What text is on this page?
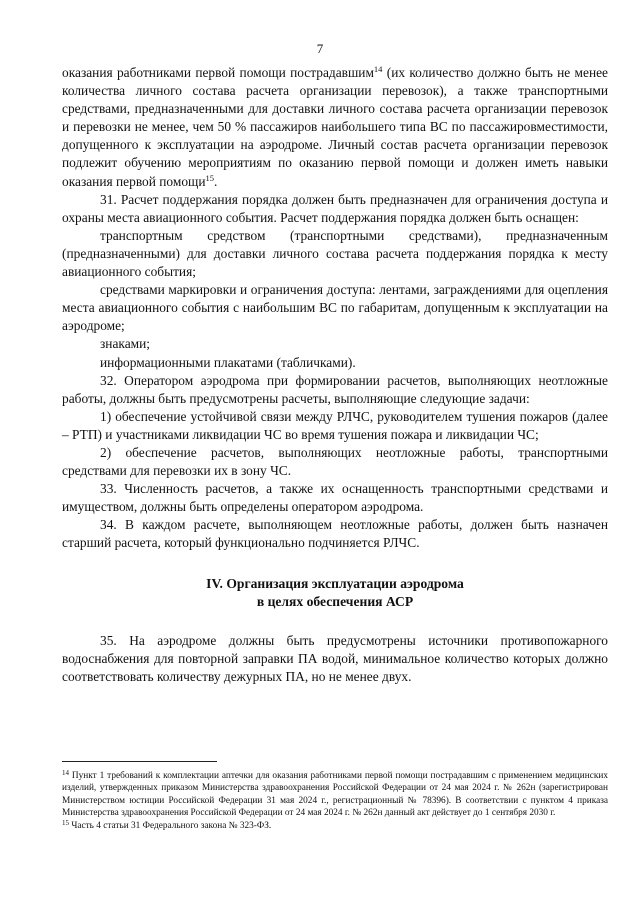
7

оказания работниками первой помощи пострадавшим$^{14}$ (их количество должно быть не менее количества личного состава расчета организации перевозок), а также транспортными средствами, предназначенными для доставки личного состава расчета организации перевозок и перевозки не менее, чем 50 % пассажиров наибольшего типа ВС по пассажировместимости, допущенного к эксплуатации на аэродроме. Личный состав расчета организации перевозок подлежит обучению мероприятиям по оказанию первой помощи и должен иметь навыки оказания первой помощи$^{15}$.

31. Расчет поддержания порядка должен быть предназначен для ограничения доступа и охраны места авиационного события. Расчет поддержания порядка должен быть оснащен:

транспортным средством (транспортными средствами), предназначенным (предназначенными) для доставки личного состава расчета поддержания порядка к месту авиационного события;

средствами маркировки и ограничения доступа: лентами, заграждениями для оцепления места авиационного события с наибольшим ВС по габаритам, допущенным к эксплуатации на аэродроме;

знаками;

информационными плакатами (табличками).

32. Оператором аэродрома при формировании расчетов, выполняющих неотложные работы, должны быть предусмотрены расчеты, выполняющие следующие задачи:

1) обеспечение устойчивой связи между РЛЧС, руководителем тушения пожаров (далее – РТП) и участниками ликвидации ЧС во время тушения пожара и ликвидации ЧС;

2) обеспечение расчетов, выполняющих неотложные работы, транспортными средствами для перевозки их в зону ЧС.

33. Численность расчетов, а также их оснащенность транспортными средствами и имуществом, должны быть определены оператором аэродрома.

34. В каждом расчете, выполняющем неотложные работы, должен быть назначен старший расчета, который функционально подчиняется РЛЧС.

IV. Организация эксплуатации аэродрома
в целях обеспечения АСР

35. На аэродроме должны быть предусмотрены источники противопожарного водоснабжения для повторной заправки ПА водой, минимальное количество которых должно соответствовать количеству дежурных ПА, но не менее двух.

$^{14}$ Пункт 1 требований к комплектации аптечки для оказания работниками первой помощи пострадавшим с применением медицинских изделий, утвержденных приказом Министерства здравоохранения Российской Федерации от 24 мая 2024 г. № 262н (зарегистрирован Министерством юстиции Российской Федерации 31 мая 2024 г., регистрационный № 78396). В соответствии с пунктом 4 приказа Министерства здравоохранения Российской Федерации от 24 мая 2024 г. № 262н данный акт действует до 1 сентября 2030 г.

$^{15}$ Часть 4 статьи 31 Федерального закона № 323-ФЗ.
